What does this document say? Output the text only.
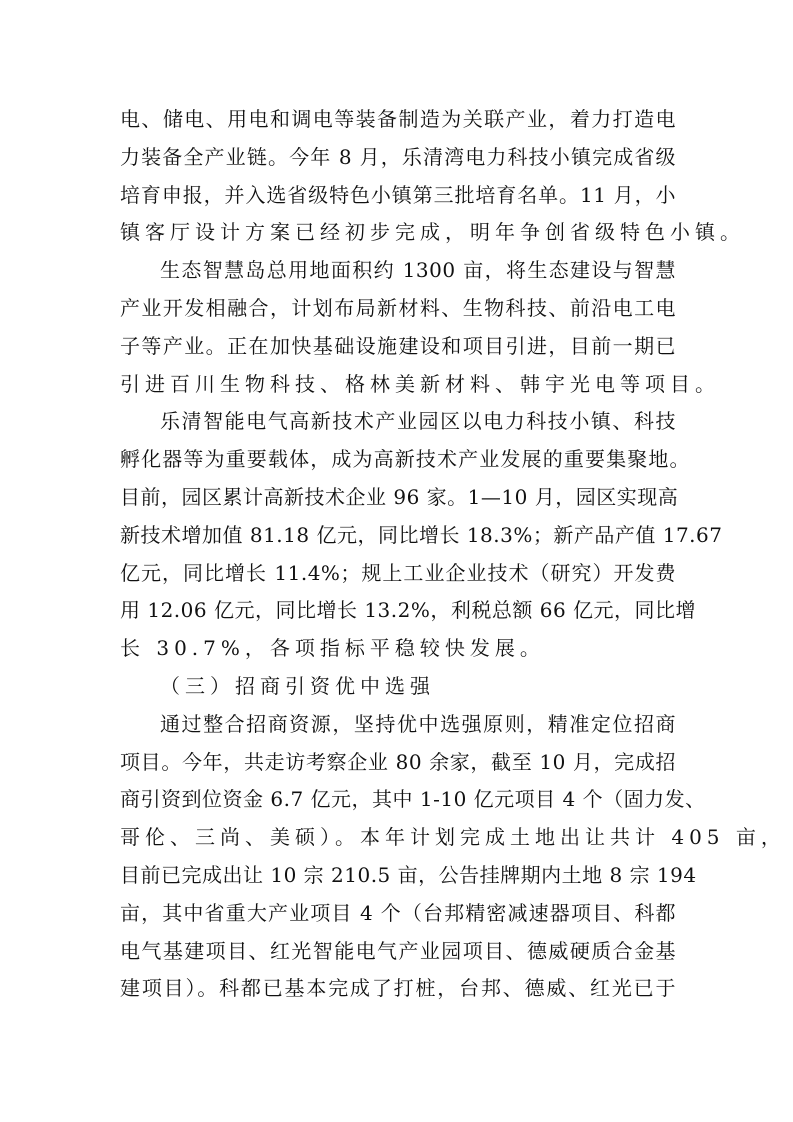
电、储电、用电和调电等装备制造为关联产业，着力打造电
力装备全产业链。今年 8 月，乐清湾电力科技小镇完成省级
培育申报，并入选省级特色小镇第三批培育名单。11 月，小
镇客厅设计方案已经初步完成，明年争创省级特色小镇。
生态智慧岛总用地面积约 1300 亩，将生态建设与智慧
产业开发相融合，计划布局新材料、生物科技、前沿电工电
子等产业。正在加快基础设施建设和项目引进，目前一期已
引进百川生物科技、格林美新材料、韩宇光电等项目。
乐清智能电气高新技术产业园区以电力科技小镇、科技
孵化器等为重要载体，成为高新技术产业发展的重要集聚地。
目前，园区累计高新技术企业 96 家。1—10 月，园区实现高
新技术增加值 81.18 亿元，同比增长 18.3%；新产品产值 17.67
亿元，同比增长 11.4%；规上工业企业技术（研究）开发费
用 12.06 亿元，同比增长 13.2%，利税总额 66 亿元，同比增
长 30.7%，各项指标平稳较快发展。
（三）招商引资优中选强
通过整合招商资源，坚持优中选强原则，精准定位招商
项目。今年，共走访考察企业 80 余家，截至 10 月，完成招
商引资到位资金 6.7 亿元，其中 1-10 亿元项目 4 个（固力发、
哥伦、三尚、美硕）。本年计划完成土地出让共计 405 亩，
目前已完成出让 10 宗 210.5 亩，公告挂牌期内土地 8 宗 194
亩，其中省重大产业项目 4 个（台邦精密减速器项目、科都
电气基建项目、红光智能电气产业园项目、德威硬质合金基
建项目）。科都已基本完成了打桩，台邦、德威、红光已于
